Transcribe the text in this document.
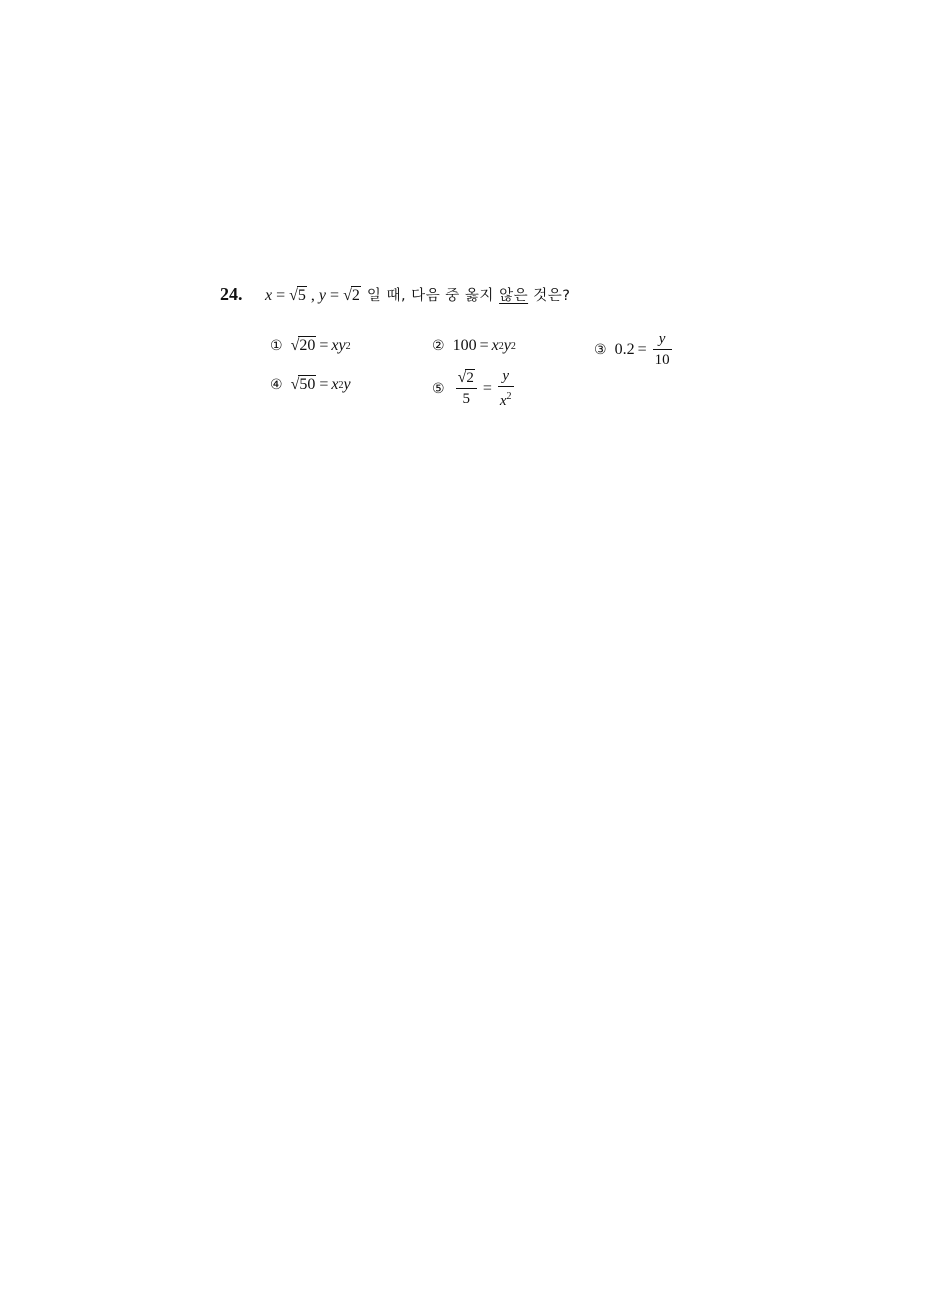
24.	x = √5 , y = √2 일 때, 다음 중 옳지 않은 것은?
① √20 = xy 2	② 100 = x 2 y 2	③ $0.2 = \frac{y}{10}$
④ √50 = x 2 y	⑤ $\frac{√2}{5} = \frac{y}{x^2}$
